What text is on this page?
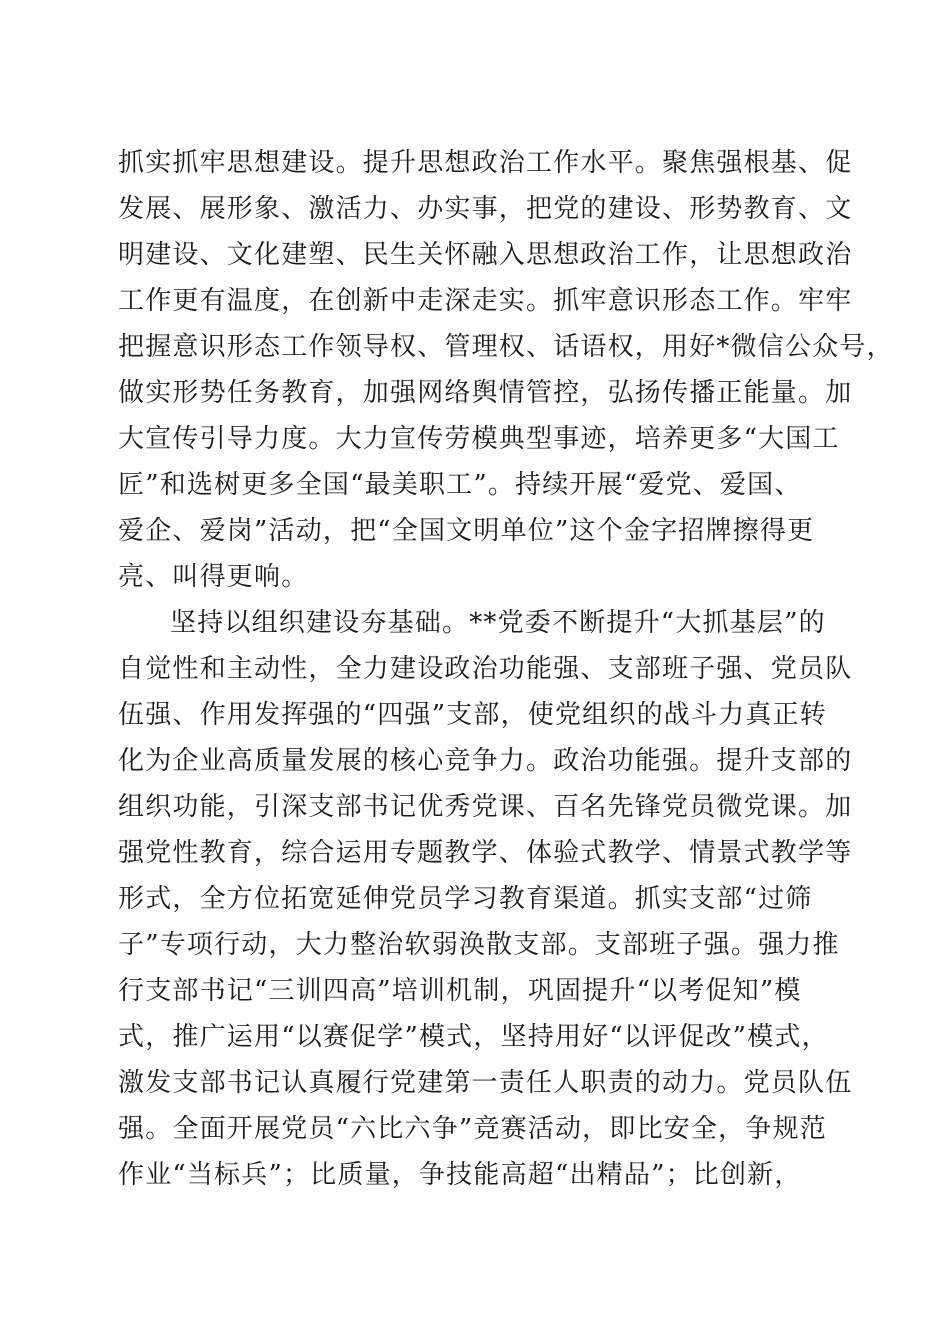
抓实抓牢思想建设。提升思想政治工作水平。聚焦强根基、促
发展、展形象、激活力、办实事，把党的建设、形势教育、文
明建设、文化建塑、民生关怀融入思想政治工作，让思想政治
工作更有温度，在创新中走深走实。抓牢意识形态工作。牢牢
把握意识形态工作领导权、管理权、话语权，用好*微信公众号，
做实形势任务教育，加强网络舆情管控，弘扬传播正能量。加
大宣传引导力度。大力宣传劳模典型事迹，培养更多“大国工
匠”和选树更多全国“最美职工”。持续开展“爱党、爱国、
爱企、爱岗”活动，把“全国文明单位”这个金字招牌擦得更
亮、叫得更响。
坚持以组织建设夯基础。**党委不断提升“大抓基层”的
自觉性和主动性，全力建设政治功能强、支部班子强、党员队
伍强、作用发挥强的“四强”支部，使党组织的战斗力真正转
化为企业高质量发展的核心竞争力。政治功能强。提升支部的
组织功能，引深支部书记优秀党课、百名先锋党员微党课。加
强党性教育，综合运用专题教学、体验式教学、情景式教学等
形式，全方位拓宽延伸党员学习教育渠道。抓实支部“过筛
子”专项行动，大力整治软弱涣散支部。支部班子强。强力推
行支部书记“三训四高”培训机制，巩固提升“以考促知”模
式，推广运用“以赛促学”模式，坚持用好“以评促改”模式，
激发支部书记认真履行党建第一责任人职责的动力。党员队伍
强。全面开展党员“六比六争”竞赛活动，即比安全，争规范
作业“当标兵”；比质量，争技能高超“出精品”；比创新，
